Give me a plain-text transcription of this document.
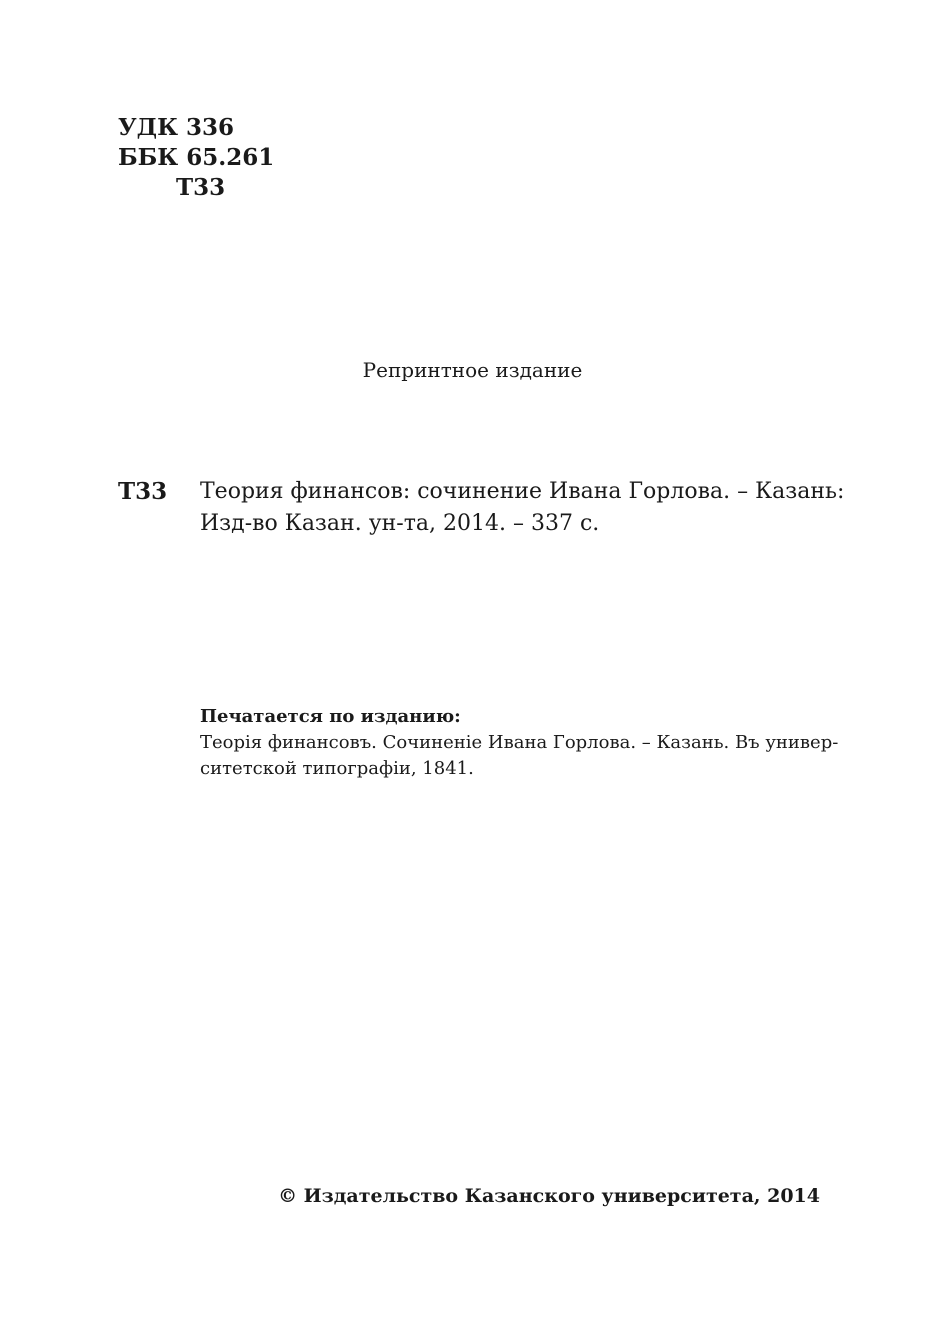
УДК 336
ББК 65.261
Т33
Репринтное издание
Т33 Теория финансов: сочинение Ивана Горлова. – Казань:
Изд-во Казан. ун-та, 2014. – 337 с.
Печатается по изданию:
Теорія финансовъ. Сочиненіе Ивана Горлова. – Казань. Въ универ-
ситетской типографіи, 1841.
© Издательство Казанского университета, 2014
